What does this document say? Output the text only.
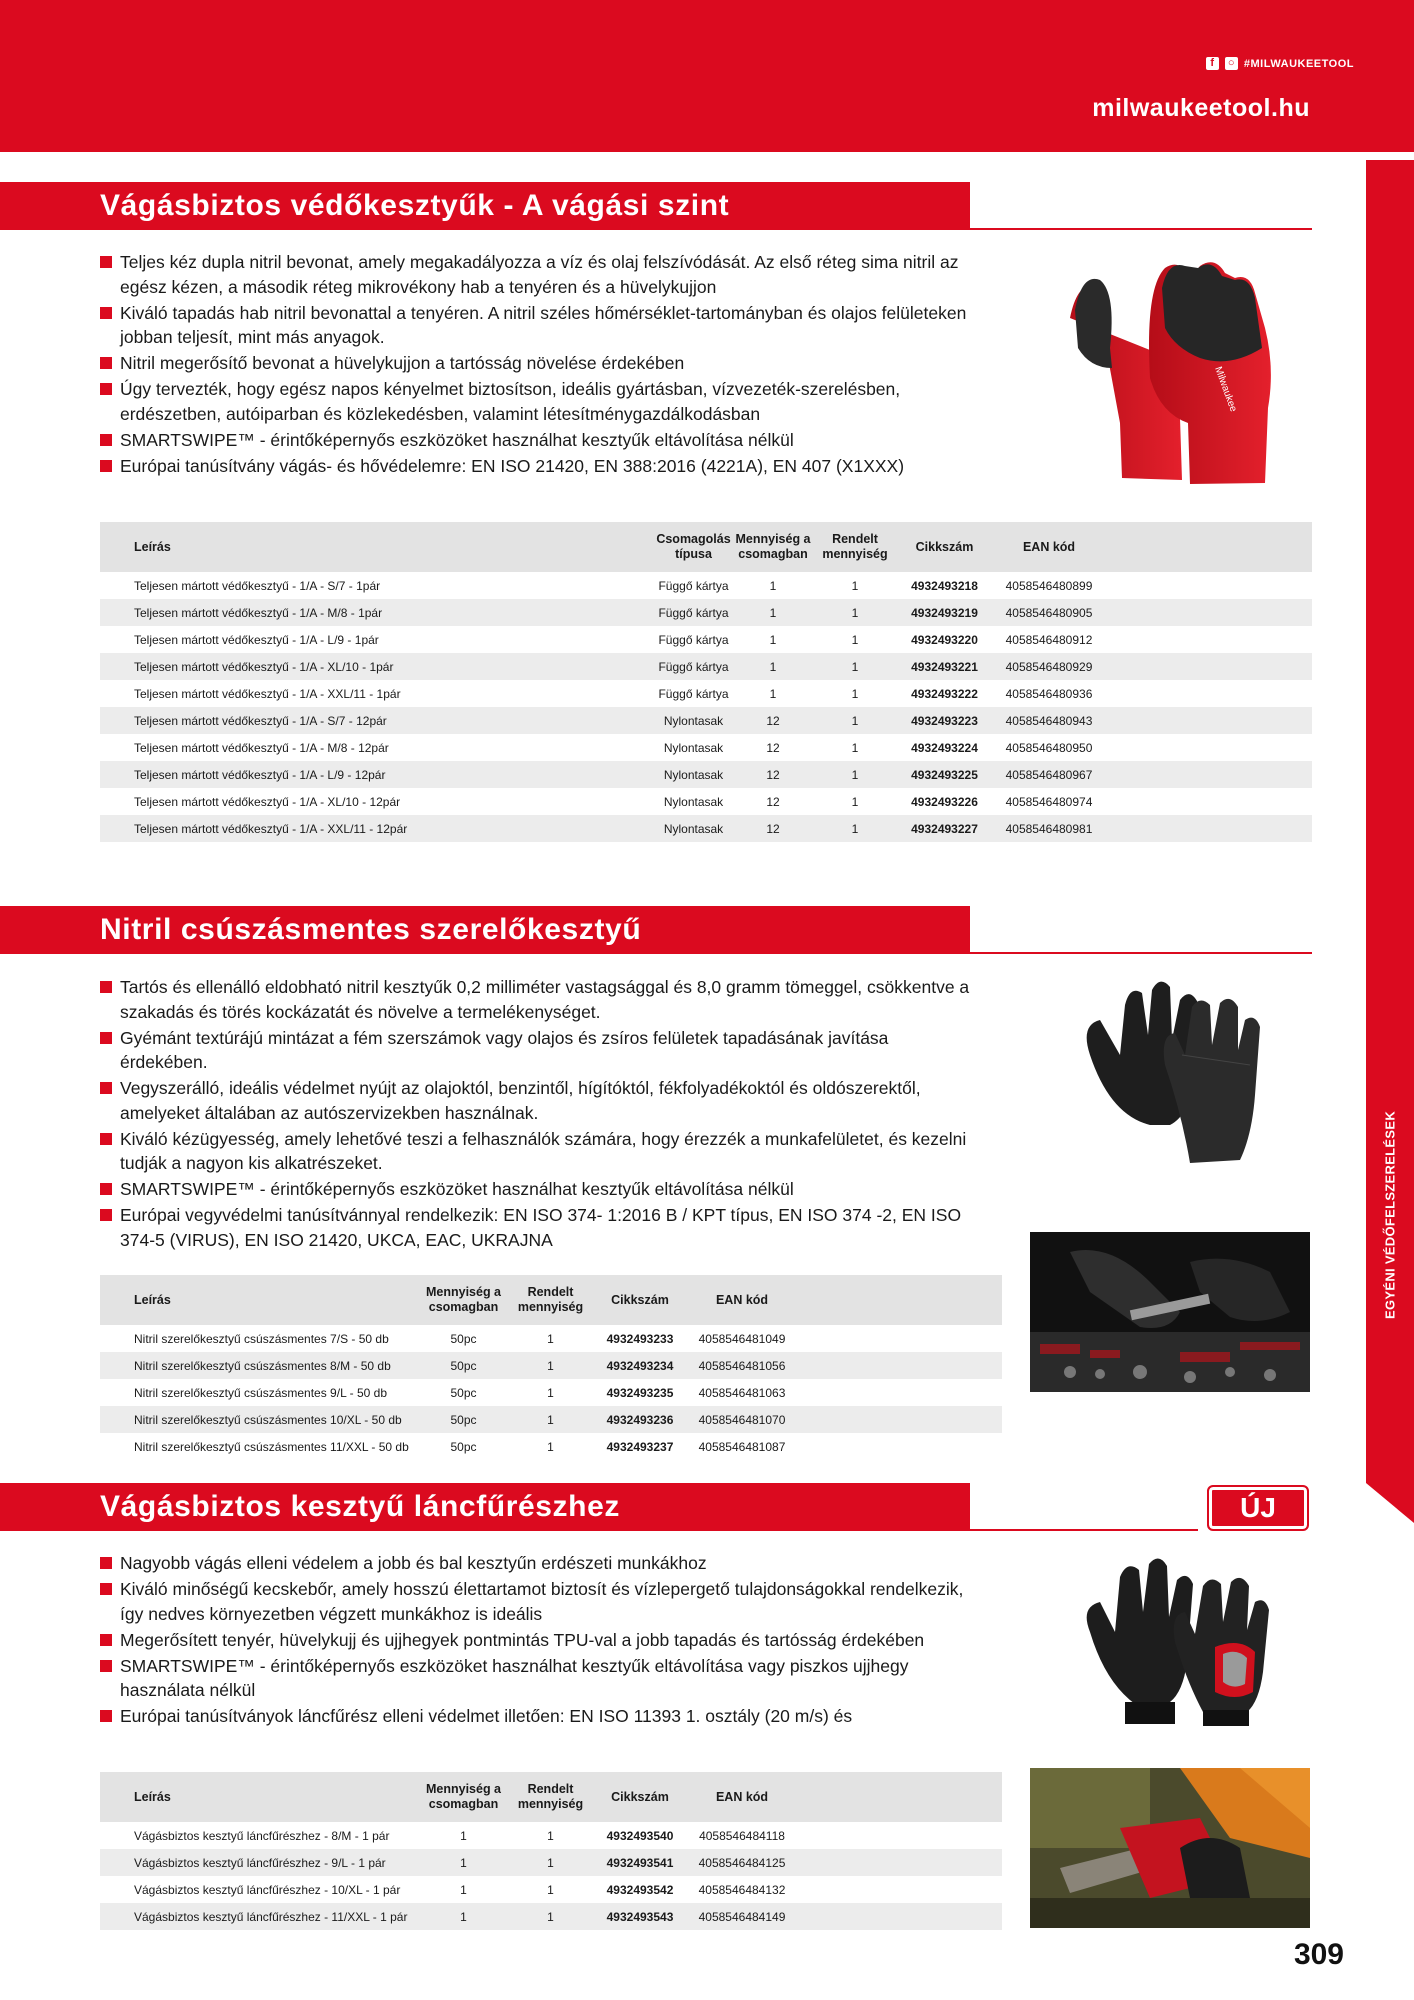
f	○ #MILWAUKEETOOL
milwaukeetool.hu
EGYÉNI VÉDŐFELSZERELÉSEK
Vágásbiztos védőkesztyűk - A vágási szint
Teljes kéz dupla nitril bevonat, amely megakadályozza a víz és olaj felszívódását. Az első réteg sima nitril az egész kézen, a második réteg mikrovékony hab a tenyéren és a hüvelykujjon
Kiváló tapadás hab nitril bevonattal a tenyéren. A nitril széles hőmérséklet-tartományban és olajos felületeken jobban teljesít, mint más anyagok.
Nitril megerősítő bevonat a hüvelykujjon a tartósság növelése érdekében
Úgy tervezték, hogy egész napos kényelmet biztosítson, ideális gyártásban, vízvezeték-szerelésben, erdészetben, autóiparban és közlekedésben, valamint létesítménygazdálkodásban
SMARTSWIPE™ - érintőképernyős eszközöket használhat kesztyűk eltávolítása nélkül
Európai tanúsítvány vágás- és hővédelemre: EN ISO 21420, EN 388:2016 (4221A), EN 407 (X1XXX)
Milwaukee
Leírás	Csomagolás típusa	Mennyiség a csomagban	Rendelt mennyiség	Cikkszám	EAN kód	
Teljesen mártott védőkesztyű - 1/A - S/7 - 1pár	Függő kártya	1	1	4932493218	4058546480899	
Teljesen mártott védőkesztyű - 1/A - M/8 - 1pár	Függő kártya	1	1	4932493219	4058546480905	
Teljesen mártott védőkesztyű - 1/A - L/9 - 1pár	Függő kártya	1	1	4932493220	4058546480912	
Teljesen mártott védőkesztyű - 1/A - XL/10 - 1pár	Függő kártya	1	1	4932493221	4058546480929	
Teljesen mártott védőkesztyű - 1/A - XXL/11 - 1pár	Függő kártya	1	1	4932493222	4058546480936	
Teljesen mártott védőkesztyű - 1/A - S/7 - 12pár	Nylontasak	12	1	4932493223	4058546480943	
Teljesen mártott védőkesztyű - 1/A - M/8 - 12pár	Nylontasak	12	1	4932493224	4058546480950	
Teljesen mártott védőkesztyű - 1/A - L/9 - 12pár	Nylontasak	12	1	4932493225	4058546480967	
Teljesen mártott védőkesztyű - 1/A - XL/10 - 12pár	Nylontasak	12	1	4932493226	4058546480974	
Teljesen mártott védőkesztyű - 1/A - XXL/11 - 12pár	Nylontasak	12	1	4932493227	4058546480981	
Nitril csúszásmentes szerelőkesztyű
Tartós és ellenálló eldobható nitril kesztyűk 0,2 milliméter vastagsággal és 8,0 gramm tömeggel, csökkentve a szakadás és törés kockázatát és növelve a termelékenységet.
Gyémánt textúrájú mintázat a fém szerszámok vagy olajos és zsíros felületek tapadásának javítása érdekében.
Vegyszerálló, ideális védelmet nyújt az olajoktól, benzintől, hígítóktól, fékfolyadékoktól és oldószerektől, amelyeket általában az autószervizekben használnak.
Kiváló kézügyesség, amely lehetővé teszi a felhasználók számára, hogy érezzék a munkafelületet, és kezelni tudják a nagyon kis alkatrészeket.
SMARTSWIPE™ - érintőképernyős eszközöket használhat kesztyűk eltávolítása nélkül
Európai vegyvédelmi tanúsítvánnyal rendelkezik: EN ISO 374- 1:2016 B / KPT típus, EN ISO 374 -2, EN ISO 374-5 (VIRUS), EN ISO 21420, UKCA, EAC, UKRAJNA
Leírás	Mennyiség a csomagban	Rendelt mennyiség	Cikkszám	EAN kód	
Nitril szerelőkesztyű csúszásmentes 7/S - 50 db	50pc	1	4932493233	4058546481049	
Nitril szerelőkesztyű csúszásmentes 8/M - 50 db	50pc	1	4932493234	4058546481056	
Nitril szerelőkesztyű csúszásmentes 9/L - 50 db	50pc	1	4932493235	4058546481063	
Nitril szerelőkesztyű csúszásmentes 10/XL - 50 db	50pc	1	4932493236	4058546481070	
Nitril szerelőkesztyű csúszásmentes 11/XXL - 50 db	50pc	1	4932493237	4058546481087	
Vágásbiztos kesztyű láncfűrészhez	ÚJ
Nagyobb vágás elleni védelem a jobb és bal kesztyűn erdészeti munkákhoz
Kiváló minőségű kecskebőr, amely hosszú élettartamot biztosít és vízlepergető tulajdonságokkal rendelkezik, így nedves környezetben végzett munkákhoz is ideális
Megerősített tenyér, hüvelykujj és ujjhegyek pontmintás TPU-val a jobb tapadás és tartósság érdekében
SMARTSWIPE™ - érintőképernyős eszközöket használhat kesztyűk eltávolítása vagy piszkos ujjhegy használata nélkül
Európai tanúsítványok láncfűrész elleni védelmet illetően: EN ISO 11393 1. osztály (20 m/s) és
Leírás	Mennyiség a csomagban	Rendelt mennyiség	Cikkszám	EAN kód	
Vágásbiztos kesztyű láncfűrészhez - 8/M - 1 pár	1	1	4932493540	4058546484118	
Vágásbiztos kesztyű láncfűrészhez - 9/L - 1 pár	1	1	4932493541	4058546484125	
Vágásbiztos kesztyű láncfűrészhez - 10/XL - 1 pár	1	1	4932493542	4058546484132	
Vágásbiztos kesztyű láncfűrészhez - 11/XXL - 1 pár	1	1	4932493543	4058546484149	
309
